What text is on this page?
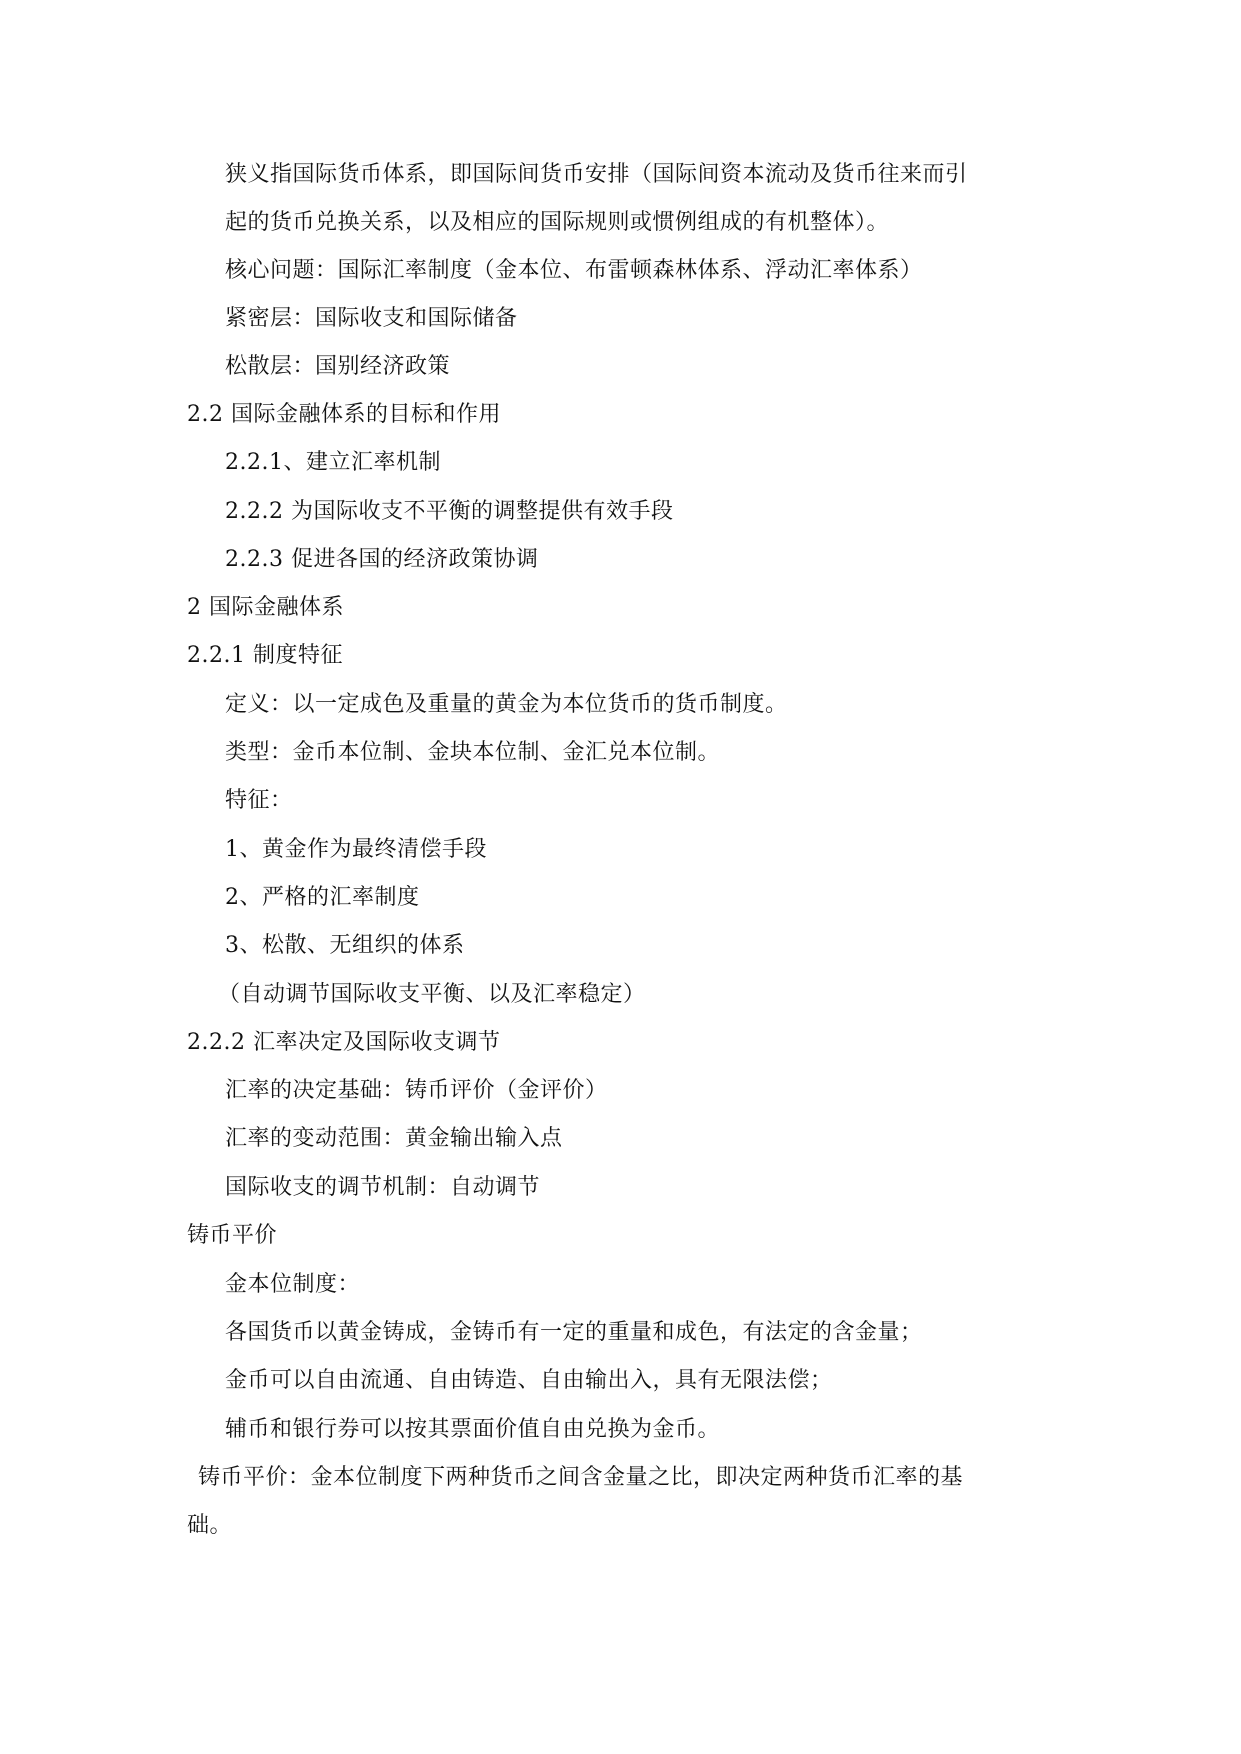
狭义指国际货币体系，即国际间货币安排（国际间资本流动及货币往来而引
起的货币兑换关系，以及相应的国际规则或惯例组成的有机整体）。
核心问题：国际汇率制度（金本位、布雷顿森林体系、浮动汇率体系）
紧密层：国际收支和国际储备
松散层：国别经济政策
2.2 国际金融体系的目标和作用
2.2.1、建立汇率机制
2.2.2 为国际收支不平衡的调整提供有效手段
2.2.3 促进各国的经济政策协调
2 国际金融体系
2.2.1 制度特征
定义：以一定成色及重量的黄金为本位货币的货币制度。
类型：金币本位制、金块本位制、金汇兑本位制。
特征：
1、黄金作为最终清偿手段
2、严格的汇率制度
3、松散、无组织的体系
（自动调节国际收支平衡、以及汇率稳定）
2.2.2 汇率决定及国际收支调节
汇率的决定基础：铸币评价（金评价）
汇率的变动范围：黄金输出输入点
国际收支的调节机制：自动调节
铸币平价
金本位制度：
各国货币以黄金铸成，金铸币有一定的重量和成色，有法定的含金量；
金币可以自由流通、自由铸造、自由输出入，具有无限法偿；
辅币和银行券可以按其票面价值自由兑换为金币。
铸币平价：金本位制度下两种货币之间含金量之比，即决定两种货币汇率的基
础。
